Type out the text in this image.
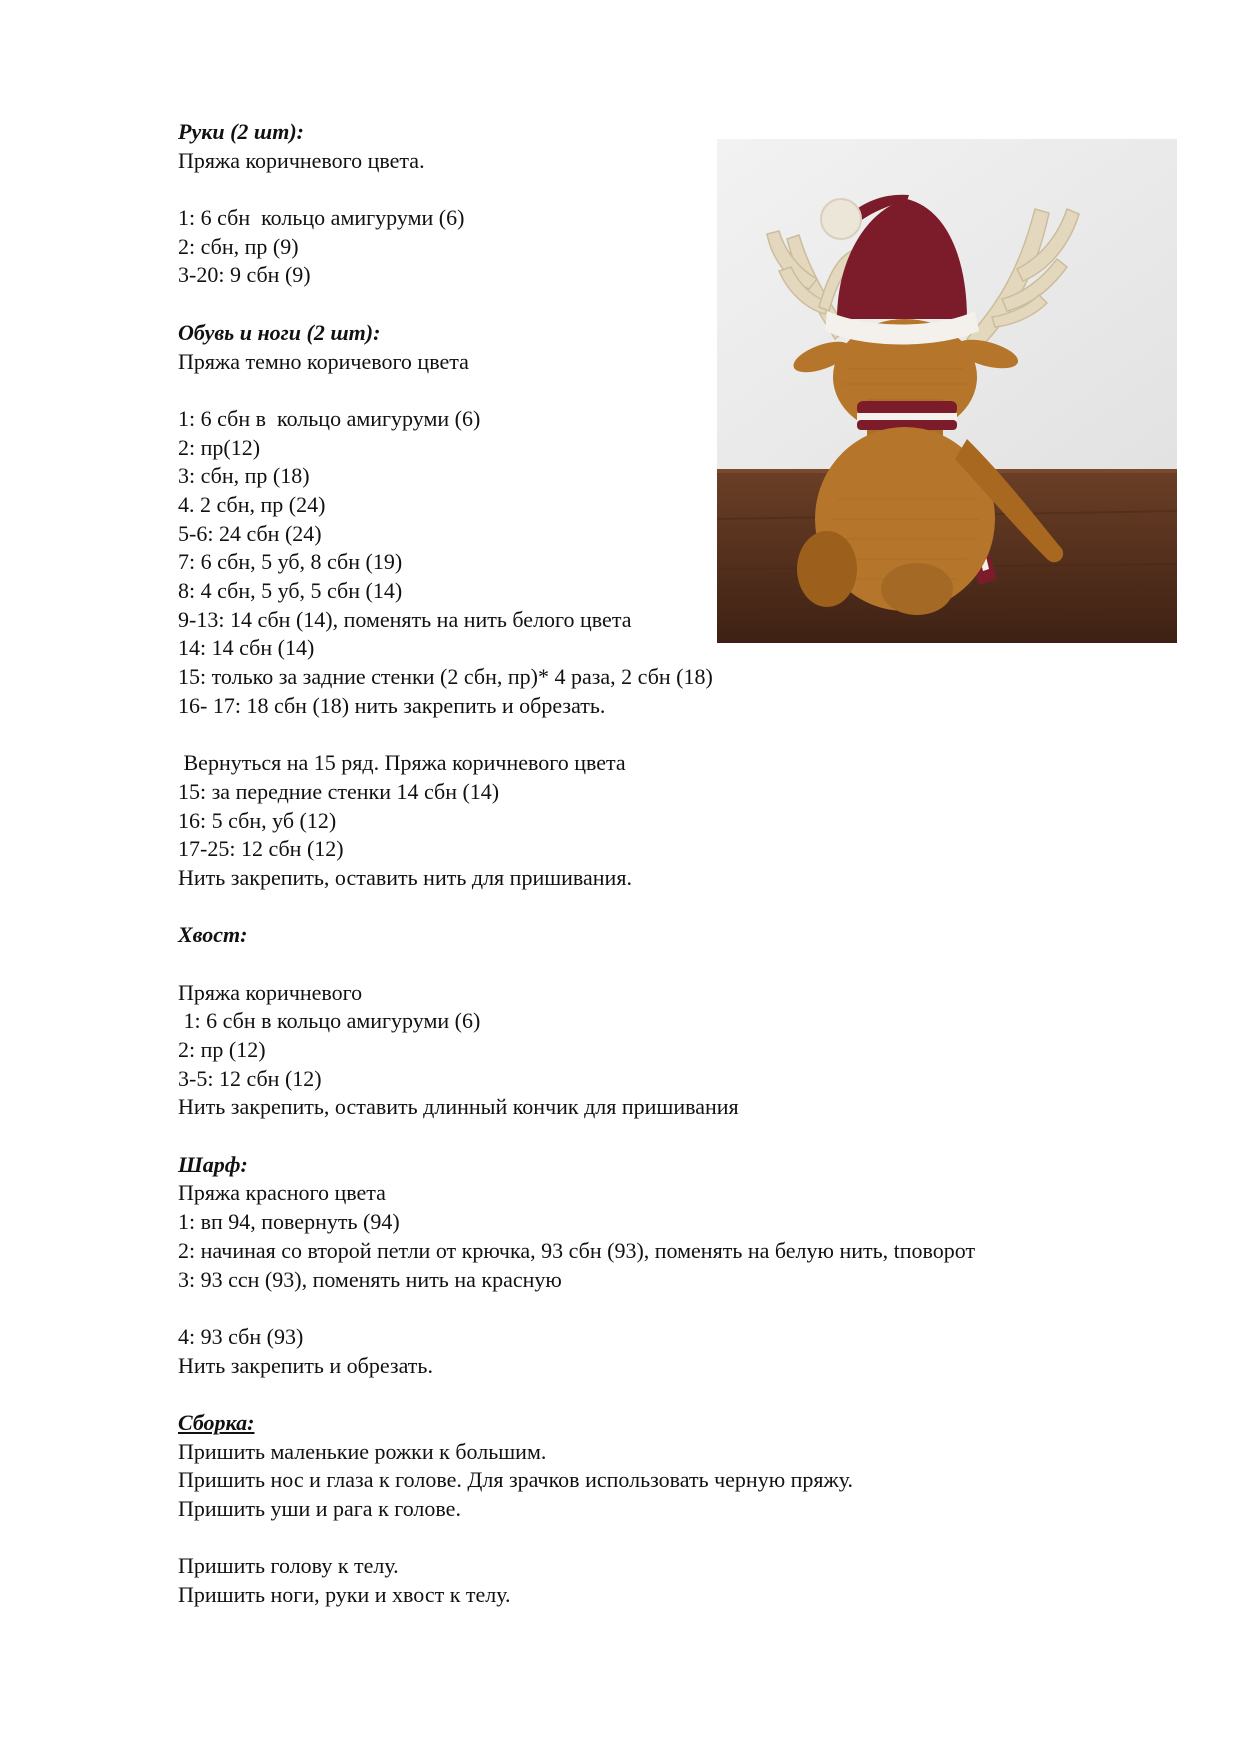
Руки (2 шт):
Пряжа коричневого цвета.
1: 6 сбн  кольцо амигуруми (6)
2: сбн, пр (9)
3-20: 9 сбн (9)
Обувь и ноги (2 шт):
Пряжа темно коричевого цвета
1: 6 сбн в  кольцо амигуруми (6)
2: пр(12)
3: сбн, пр (18)
4. 2 сбн, пр (24)
5-6: 24 сбн (24)
7: 6 сбн, 5 уб, 8 сбн (19)
8: 4 сбн, 5 уб, 5 сбн (14)
9-13: 14 сбн (14), поменять на нить белого цвета
14: 14 сбн (14)
15: только за задние стенки (2 сбн, пр)* 4 раза, 2 сбн (18)
16- 17: 18 сбн (18) нить закрепить и обрезать.
Вернуться на 15 ряд. Пряжа коричневого цвета
15: за передние стенки 14 сбн (14)
16: 5 сбн, уб (12)
17-25: 12 сбн (12)
Нить закрепить, оставить нить для пришивания.
Хвост:
Пряжа коричневого
1: 6 сбн в кольцо амигуруми (6)
2: пр (12)
3-5: 12 сбн (12)
Нить закрепить, оставить длинный кончик для пришивания
Шарф:
Пряжа красного цвета
1: вп 94, повернуть (94)
2: начиная со второй петли от крючка, 93 сбн (93), поменять на белую нить, tповорот
3: 93 ссн (93), поменять нить на красную
4: 93 сбн (93)
Нить закрепить и обрезать.
Сборка:
Пришить маленькие рожки к большим.
Пришить нос и глаза к голове. Для зрачков использовать черную пряжу.
Пришить уши и рага к голове.
Пришить голову к телу.
Пришить ноги, руки и хвост к телу.
